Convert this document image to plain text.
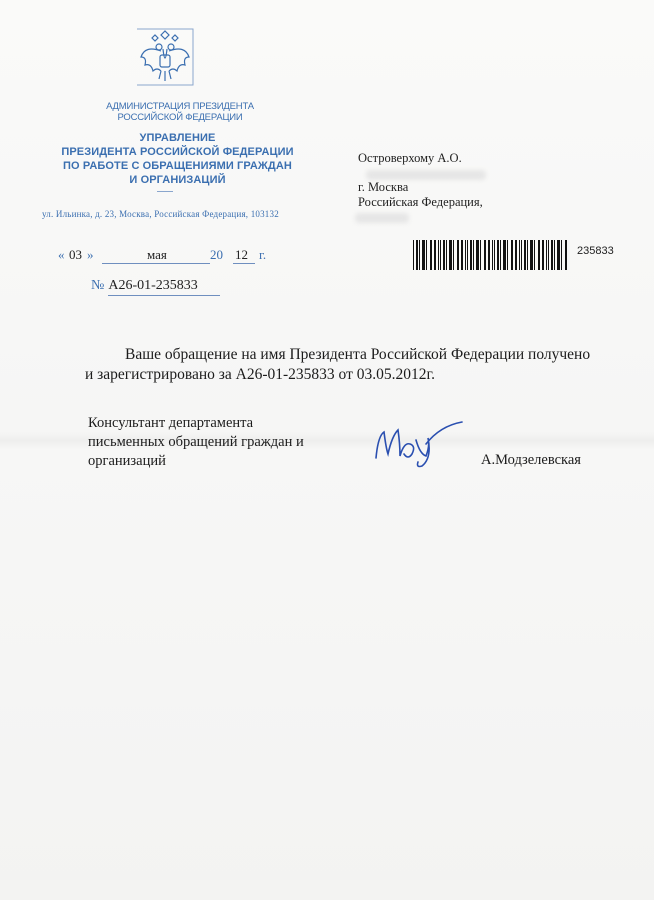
АДМИНИСТРАЦИЯ ПРЕЗИДЕНТА
РОССИЙСКОЙ ФЕДЕРАЦИИ
УПРАВЛЕНИЕ
ПРЕЗИДЕНТА РОССИЙСКОЙ ФЕДЕРАЦИИ
ПО РАБОТЕ С ОБРАЩЕНИЯМИ ГРАЖДАН
И ОРГАНИЗАЦИЙ
ул. Ильинка, д. 23, Москва, Российская Федерация, 103132
« 03 »	мая	20 12 г.
№ А26-01-235833
Островерхому А.О.
г. Москва
Российская Федерация,
235833
Ваше обращение на имя Президента Российской Федерации получено
и зарегистрировано за А26-01-235833 от 03.05.2012г.
Консультант департамента
письменных обращений граждан и
организаций	А.Модзелевская
